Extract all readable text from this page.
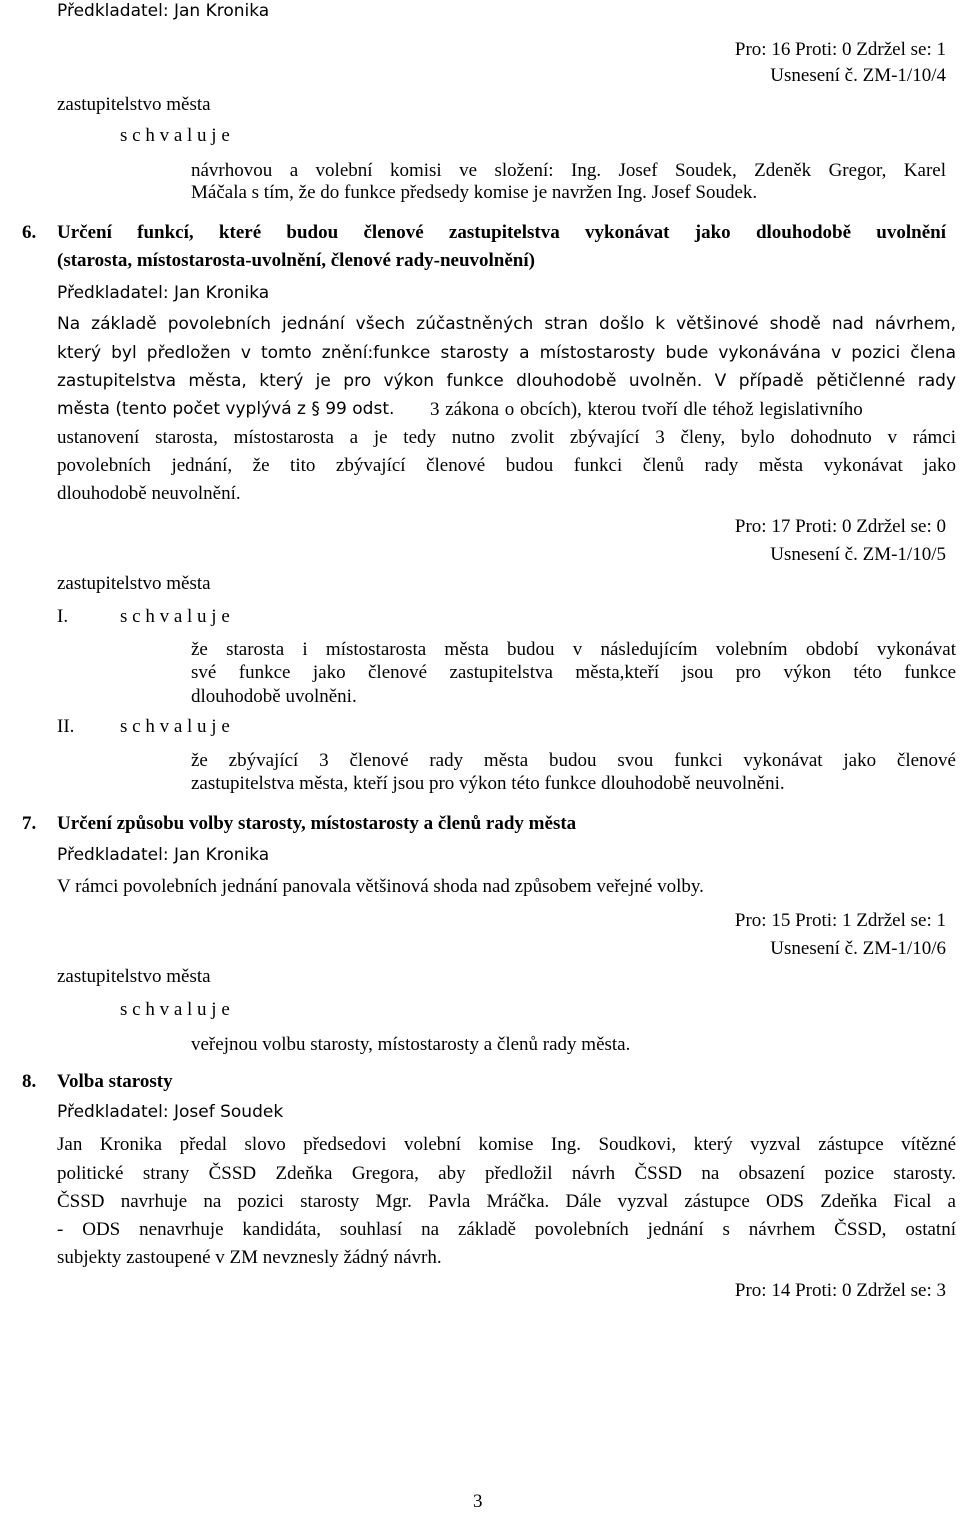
Předkladatel: Jan Kronika
Pro: 16 Proti: 0 Zdržel se: 1
Usnesení č. ZM-1/10/4
zastupitelstvo města
s c h v a l u j e
návrhovou a volební komisi ve složení: Ing. Josef Soudek, Zdeněk Gregor, Karel
Máčala s tím, že do funkce předsedy komise je navržen Ing. Josef Soudek.
6. Určení funkcí, které budou členové zastupitelstva vykonávat jako dlouhodobě uvolnění
(starosta, místostarosta-uvolnění, členové rady-neuvolnění)
Předkladatel: Jan Kronika
Na základě povolebních jednání všech zúčastněných stran došlo k většinové shodě nad návrhem,
který byl předložen v tomto znění:funkce starosty a místostarosty bude vykonávána v pozici člena
zastupitelstva města, který je pro výkon funkce dlouhodobě uvolněn. V případě pětičlenné rady
města (tento počet vyplývá z § 99 odst. 3 zákona o obcích), kterou tvoří dle téhož legislativního
ustanovení starosta, místostarosta a je tedy nutno zvolit zbývající 3 členy, bylo dohodnuto v rámci
povolebních jednání, že tito zbývající členové budou funkci členů rady města vykonávat jako
dlouhodobě neuvolnění.
Pro: 17 Proti: 0 Zdržel se: 0
Usnesení č. ZM-1/10/5
zastupitelstvo města
I.	s c h v a l u j e
že starosta i místostarosta města budou v následujícím volebním období vykonávat
své funkce jako členové zastupitelstva města,kteří jsou pro výkon této funkce
dlouhodobě uvolněni.
II. s c h v a l u j e
že zbývající 3 členové rady města budou svou funkci vykonávat jako členové
zastupitelstva města, kteří jsou pro výkon této funkce dlouhodobě neuvolněni.
7. Určení způsobu volby starosty, místostarosty a členů rady města
Předkladatel: Jan Kronika
V rámci povolebních jednání panovala většinová shoda nad způsobem veřejné volby.
Pro: 15 Proti: 1 Zdržel se: 1
Usnesení č. ZM-1/10/6
zastupitelstvo města
s c h v a l u j e
veřejnou volbu starosty, místostarosty a členů rady města.
8. Volba starosty
Předkladatel: Josef Soudek
Jan Kronika předal slovo předsedovi volební komise Ing. Soudkovi, který vyzval zástupce vítězné
politické strany ČSSD Zdeňka Gregora, aby předložil návrh ČSSD na obsazení pozice starosty.
ČSSD navrhuje na pozici starosty Mgr. Pavla Mráčka. Dále vyzval zástupce ODS Zdeňka Fical a
- ODS nenavrhuje kandidáta, souhlasí na základě povolebních jednání s návrhem ČSSD, ostatní
subjekty zastoupené v ZM nevznesly žádný návrh.
Pro: 14 Proti: 0 Zdržel se: 3
3
